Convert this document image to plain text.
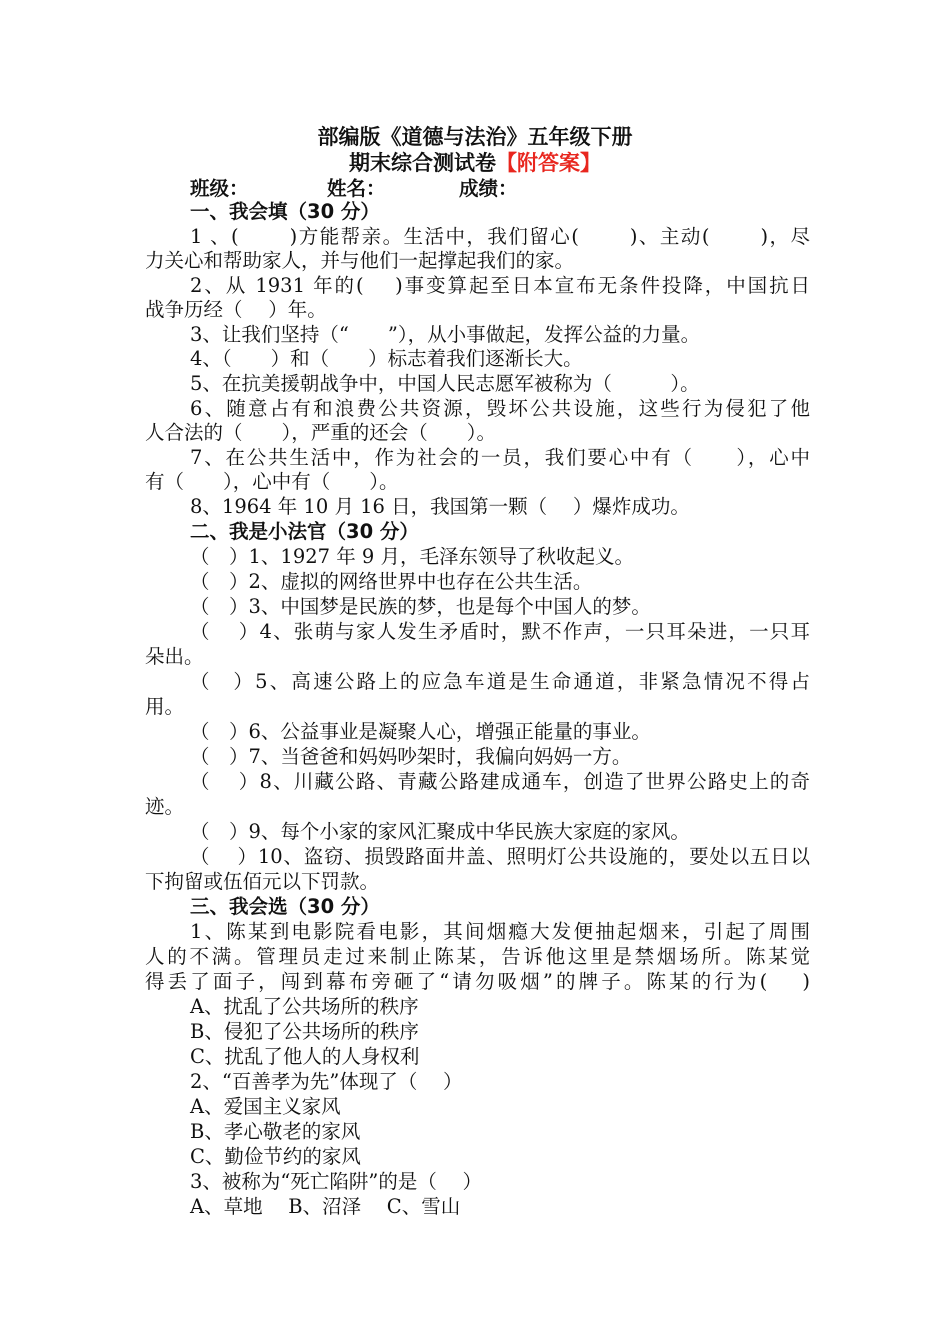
部编版《道德与法治》五年级下册
期末综合测试卷【附答案】
班级：	姓名：	成绩：
一、我会填（30 分）
1 、(　　 )方能帮亲。生活中，我们留心(　　 )、主动(　　 )，尽
力关心和帮助家人，并与他们一起撑起我们的家。
2、从 1931 年的(　 )事变算起至日本宣布无条件投降，中国抗日
战争历经（　 ）年。
3、让我们坚持（“　　”），从小事做起，发挥公益的力量。
4、（　　）和（　　）标志着我们逐渐长大。
5、在抗美援朝战争中，中国人民志愿军被称为（　　　）。
6、随意占有和浪费公共资源，毁坏公共设施，这些行为侵犯了他
人合法的（　　），严重的还会（　　）。
7、在公共生活中，作为社会的一员，我们要心中有（　　），心中
有（　　），心中有（　　）。
8、1964 年 10 月 16 日，我国第一颗（　 ）爆炸成功。
二、我是小法官（30 分）
（　）1、1927 年 9 月，毛泽东领导了秋收起义。
（　）2、虚拟的网络世界中也存在公共生活。
（　）3、中国梦是民族的梦，也是每个中国人的梦。
（　 ）4、张萌与家人发生矛盾时，默不作声，一只耳朵进，一只耳
朵出。
（　）5、高速公路上的应急车道是生命通道，非紧急情况不得占
用。
（　）6、公益事业是凝聚人心，增强正能量的事业。
（　）7、当爸爸和妈妈吵架时，我偏向妈妈一方。
（　 ）8、川藏公路、青藏公路建成通车，创造了世界公路史上的奇
迹。
（　）9、每个小家的家风汇聚成中华民族大家庭的家风。
（　 ）10、盗窃、损毁路面井盖、照明灯公共设施的，要处以五日以
下拘留或伍佰元以下罚款。
三、我会选（30 分）
1、陈某到电影院看电影，其间烟瘾大发便抽起烟来，引起了周围
人的不满。管理员走过来制止陈某，告诉他这里是禁烟场所。陈某觉
得丢了面子，闯到幕布旁砸了“请勿吸烟”的牌子。陈某的行为(　 )
A、扰乱了公共场所的秩序
B、侵犯了公共场所的秩序
C、扰乱了他人的人身权利
2、“百善孝为先”体现了（　 ）
A、爱国主义家风
B、孝心敬老的家风
C、勤俭节约的家风
3、被称为“死亡陷阱”的是（　 ）
A、草地　 B、沼泽　 C、雪山
